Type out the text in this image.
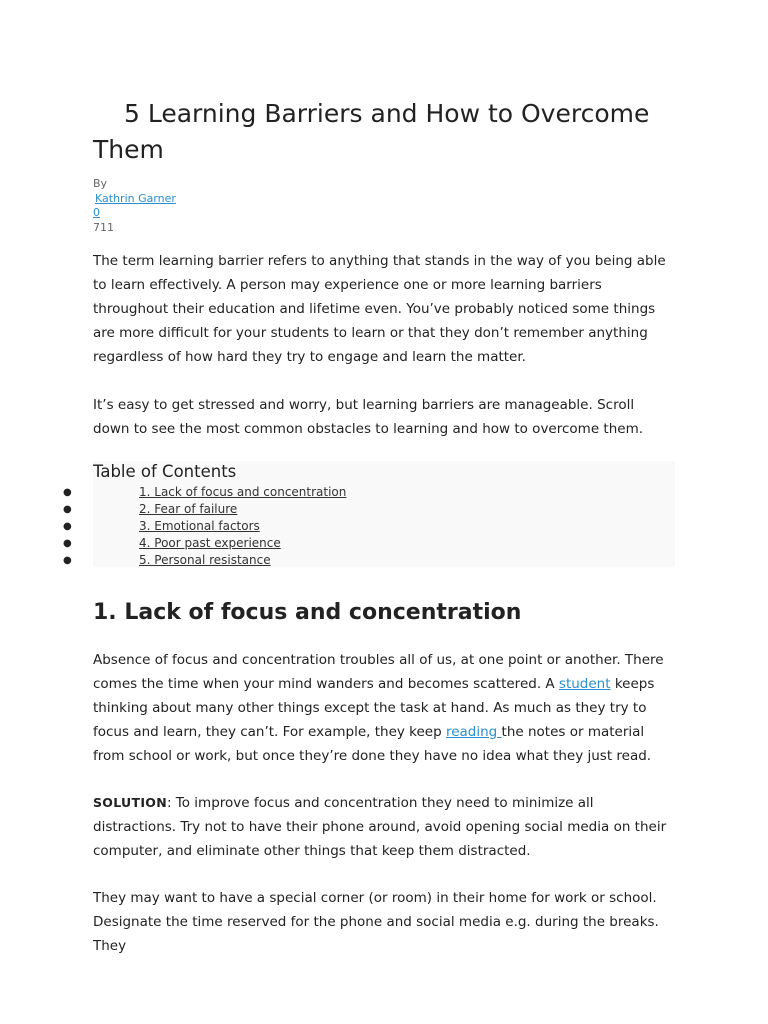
5 Learning Barriers and How to Overcome Them
By
Kathrin Garner
0
711

The term learning barrier refers to anything that stands in the way of you being able to learn effectively. A person may experience one or more learning barriers throughout their education and lifetime even. You’ve probably noticed some things are more difficult for your students to learn or that they don’t remember anything regardless of how hard they try to engage and learn the matter.

It’s easy to get stressed and worry, but learning barriers are manageable. Scroll down to see the most common obstacles to learning and how to overcome them.

Table of Contents
●	1. Lack of focus and concentration
●	2. Fear of failure
●	3. Emotional factors
●	4. Poor past experience
●	5. Personal resistance
1. Lack of focus and concentration

Absence of focus and concentration troubles all of us, at one point or another. There comes the time when your mind wanders and becomes scattered. A student keeps thinking about many other things except the task at hand. As much as they try to focus and learn, they can’t. For example, they keep reading the notes or material from school or work, but once they’re done they have no idea what they just read.

SOLUTION: To improve focus and concentration they need to minimize all distractions. Try not to have their phone around, avoid opening social media on their computer, and eliminate other things that keep them distracted.

They may want to have a special corner (or room) in their home for work or school. Designate the time reserved for the phone and social media e.g. during the breaks. They
